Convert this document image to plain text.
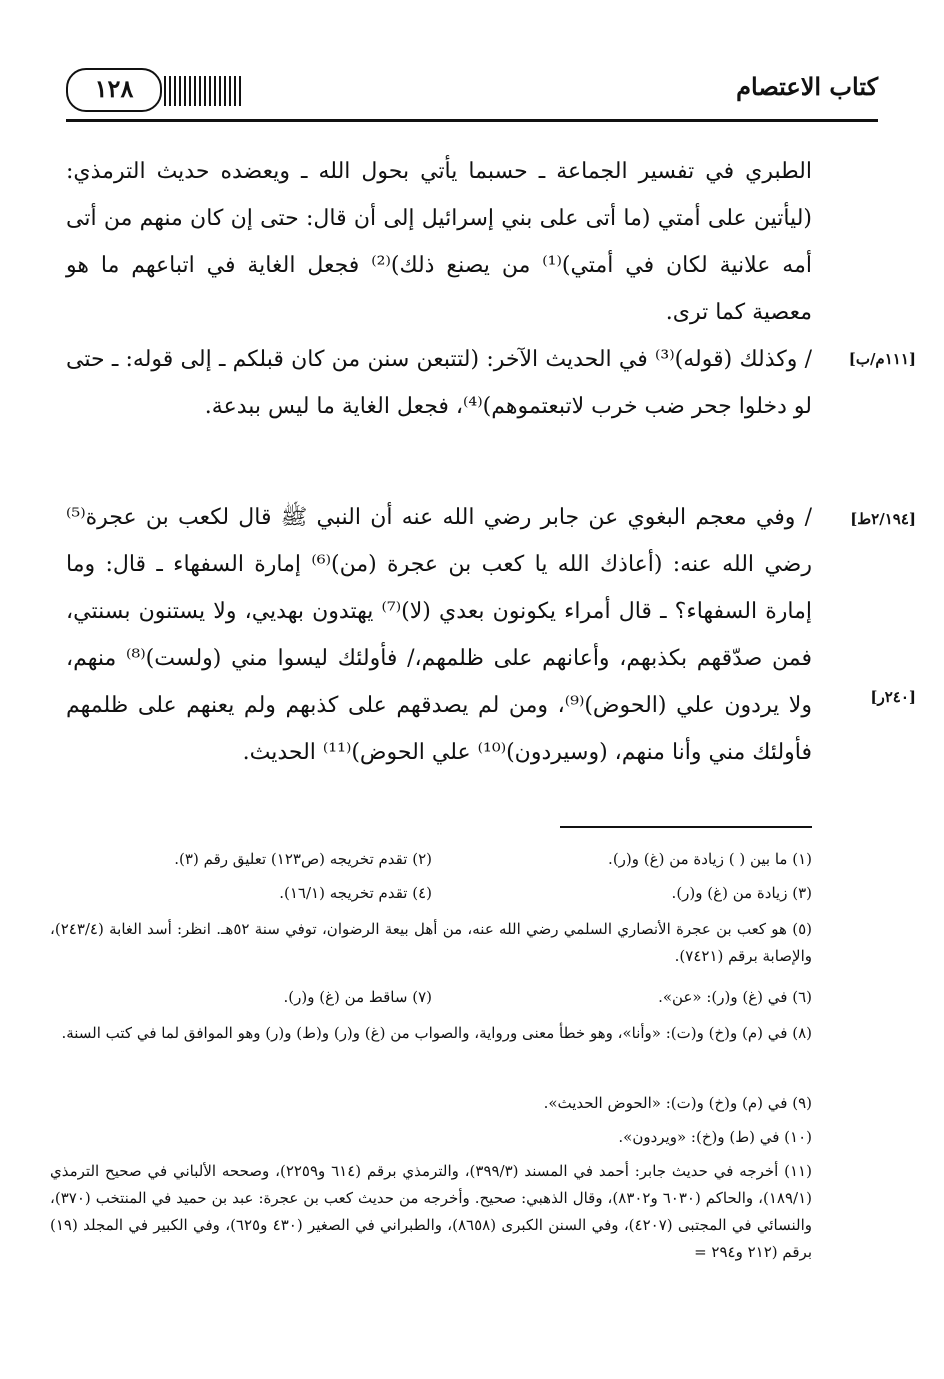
١٢٨	كتاب الاعتصام
الطبري في تفسير الجماعة ـ حسبما يأتي بحول الله ـ ويعضده حديث الترمذي: (ليأتين على أمتي (ما أتى على بني إسرائيل إلى أن قال: حتى إن كان منهم من أتى أمه علانية لكان في أمتي)⁽¹⁾ من يصنع ذلك)⁽²⁾ فجعل الغاية في اتباعهم ما هو معصية كما ترى.
[١١١م/ب]
/ وكذلك (قوله)⁽³⁾ في الحديث الآخر: (لتتبعن سنن من كان قبلكم ـ إلى قوله: ـ حتى لو دخلوا جحر ضب خرب لاتبعتموهم)⁽⁴⁾، فجعل الغاية ما ليس ببدعة.
[٢/١٩٤ط]
[٢٤٠ر]
/ وفي معجم البغوي عن جابر رضي الله عنه أن النبي ﷺ قال لكعب بن عجرة⁽⁵⁾ رضي الله عنه: (أعاذك الله يا كعب بن عجرة (من)⁽⁶⁾ إمارة السفهاء ـ قال: وما إمارة السفهاء؟ ـ قال أمراء يكونون بعدي (لا)⁽⁷⁾ يهتدون بهديي، ولا يستنون بسنتي، فمن صدّقهم بكذبهم، وأعانهم على ظلمهم،/ فأولئك ليسوا مني (ولست)⁽⁸⁾ منهم، ولا يردون علي (الحوض)⁽⁹⁾، ومن لم يصدقهم على كذبهم ولم يعنهم على ظلمهم فأولئك مني وأنا منهم، (وسيردون)⁽¹⁰⁾ علي الحوض)⁽¹¹⁾ الحديث.
(١) ما بين ( ) زيادة من (غ) و(ر).(٢) تقدم تخريجه (ص١٢٣) تعليق رقم (٣).
(٣) زيادة من (غ) و(ر).(٤) تقدم تخريجه (١٦/١).
(٥) هو كعب بن عجرة الأنصاري السلمي رضي الله عنه، من أهل بيعة الرضوان، توفي سنة ٥٢هـ. انظر: أسد الغابة (٢٤٣/٤)، والإصابة برقم (٧٤٢١).
(٦) في (غ) و(ر): «عن».(٧) ساقط من (غ) و(ر).
(٨) في (م) و(خ) و(ت): «وأنا»، وهو خطأ معنى ورواية، والصواب من (غ) و(ر) و(ط) و(ر) وهو الموافق لما في كتب السنة.
(٩) في (م) و(خ) و(ت): «الحوض الحديث».
(١٠) في (ط) و(خ): «ويردون».
(١١) أخرجه في حديث جابر: أحمد في المسند (٣٩٩/٣)، والترمذي برقم (٦١٤ و٢٢٥٩)، وصححه الألباني في صحيح الترمذي (١٨٩/١)، والحاكم (٦٠٣٠ و٨٣٠٢)، وقال الذهبي: صحيح. وأخرجه من حديث كعب بن عجرة: عبد بن حميد في المنتخب (٣٧٠)، والنسائي في المجتبى (٤٢٠٧)، وفي السنن الكبرى (٨٦٥٨)، والطبراني في الصغير (٤٣٠ و٦٢٥)، وفي الكبير في المجلد (١٩) برقم (٢١٢ و٢٩٤ =
